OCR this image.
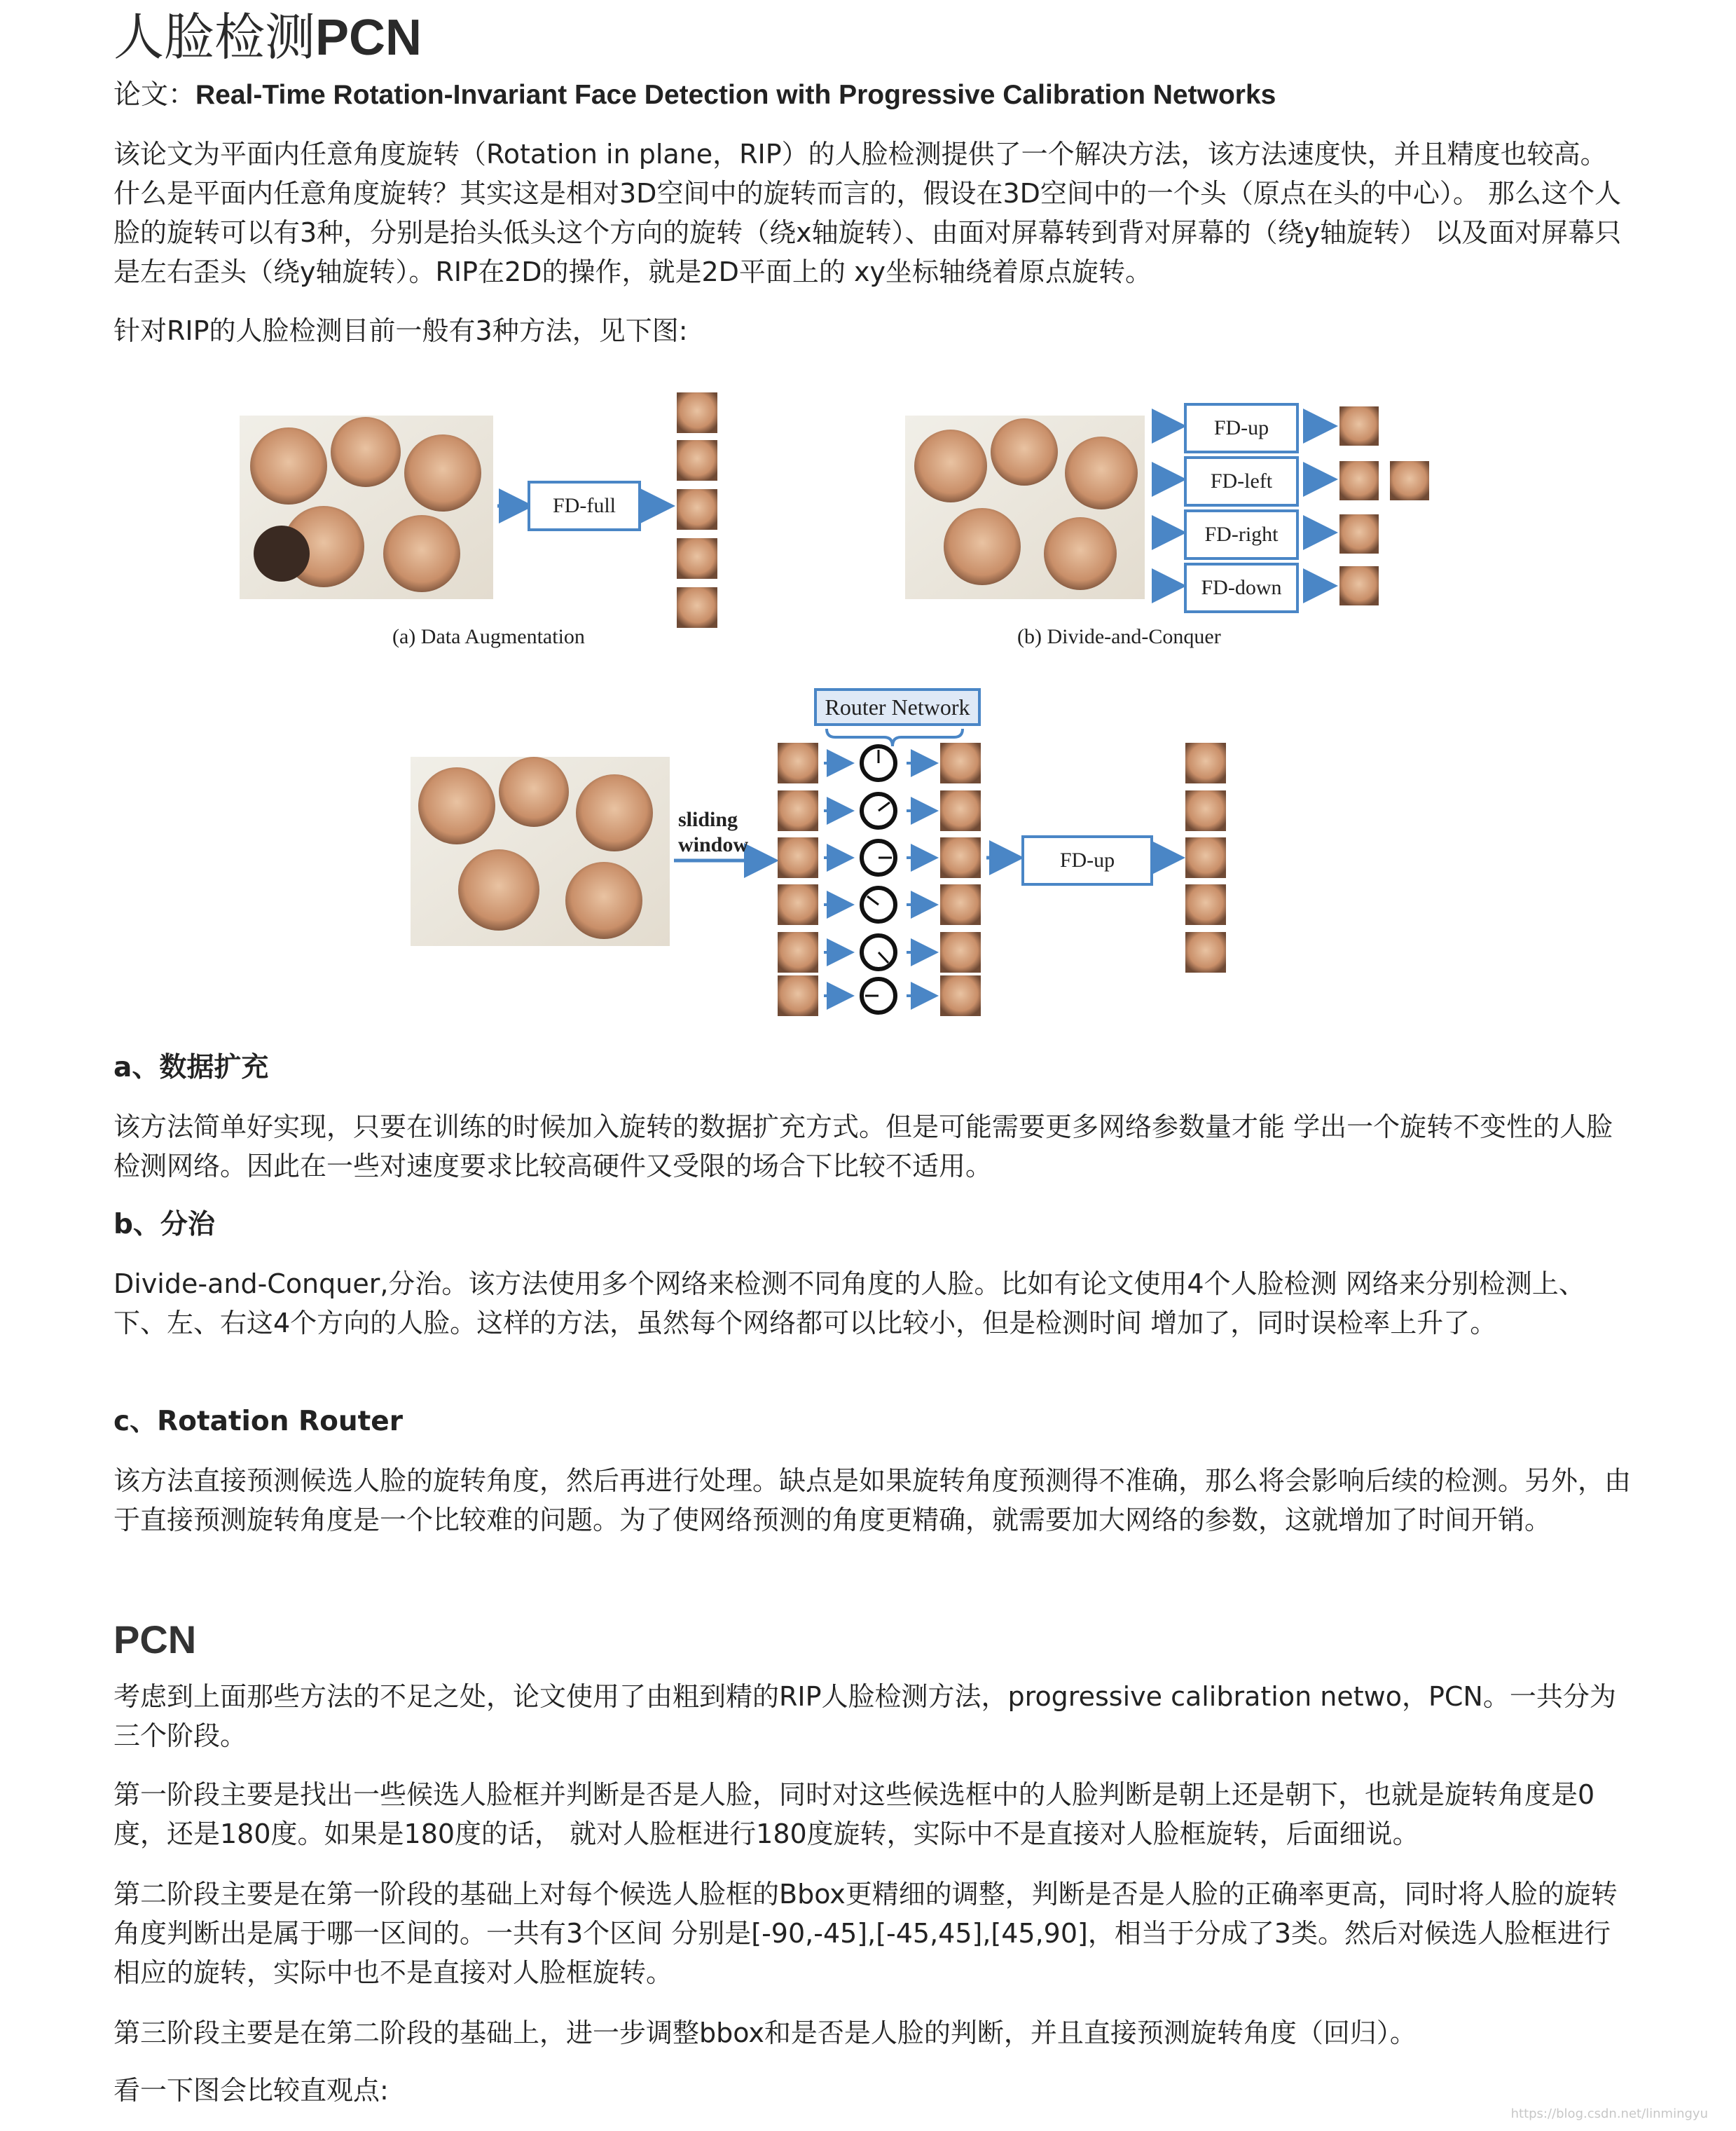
人脸检测PCN

论文：Real-Time Rotation-Invariant Face Detection with Progressive Calibration Networks

该论文为平面内任意角度旋转（Rotation in plane，RIP）的人脸检测提供了一个解决方法，该方法速度快，并且精度也较高。 什么是平面内任意角度旋转？其实这是相对3D空间中的旋转而言的，假设在3D空间中的一个头（原点在头的中心）。 那么这个人脸的旋转可以有3种，分别是抬头低头这个方向的旋转（绕x轴旋转）、由面对屏幕转到背对屏幕的（绕y轴旋转） 以及面对屏幕只是左右歪头（绕y轴旋转）。RIP在2D的操作，就是2D平面上的 xy坐标轴绕着原点旋转。

针对RIP的人脸检测目前一般有3种方法，见下图:

FD-full
(a) Data Augmentation
FD-up
FD-left
FD-right
FD-down
(b) Divide-and-Conquer
Router Network
sliding
window
FD-up

a、数据扩充

该方法简单好实现，只要在训练的时候加入旋转的数据扩充方式。但是可能需要更多网络参数量才能 学出一个旋转不变性的人脸检测网络。因此在一些对速度要求比较高硬件又受限的场合下比较不适用。

b、分治

Divide-and-Conquer,分治。该方法使用多个网络来检测不同角度的人脸。比如有论文使用4个人脸检测 网络来分别检测上、下、左、右这4个方向的人脸。这样的方法，虽然每个网络都可以比较小，但是检测时间 增加了，同时误检率上升了。

c、Rotation Router

该方法直接预测候选人脸的旋转角度，然后再进行处理。缺点是如果旋转角度预测得不准确，那么将会影响后续的检测。另外，由于直接预测旋转角度是一个比较难的问题。为了使网络预测的角度更精确，就需要加大网络的参数，这就增加了时间开销。

PCN

考虑到上面那些方法的不足之处，论文使用了由粗到精的RIP人脸检测方法，progressive calibration netwo，PCN。一共分为三个阶段。

第一阶段主要是找出一些候选人脸框并判断是否是人脸，同时对这些候选框中的人脸判断是朝上还是朝下，也就是旋转角度是0度，还是180度。如果是180度的话， 就对人脸框进行180度旋转，实际中不是直接对人脸框旋转，后面细说。

第二阶段主要是在第一阶段的基础上对每个候选人脸框的Bbox更精细的调整，判断是否是人脸的正确率更高，同时将人脸的旋转角度判断出是属于哪一区间的。一共有3个区间 分别是[-90,-45],[-45,45],[45,90]，相当于分成了3类。然后对候选人脸框进行相应的旋转，实际中也不是直接对人脸框旋转。

第三阶段主要是在第二阶段的基础上，进一步调整bbox和是否是人脸的判断，并且直接预测旋转角度（回归）。

看一下图会比较直观点:

https://blog.csdn.net/linmingyu
